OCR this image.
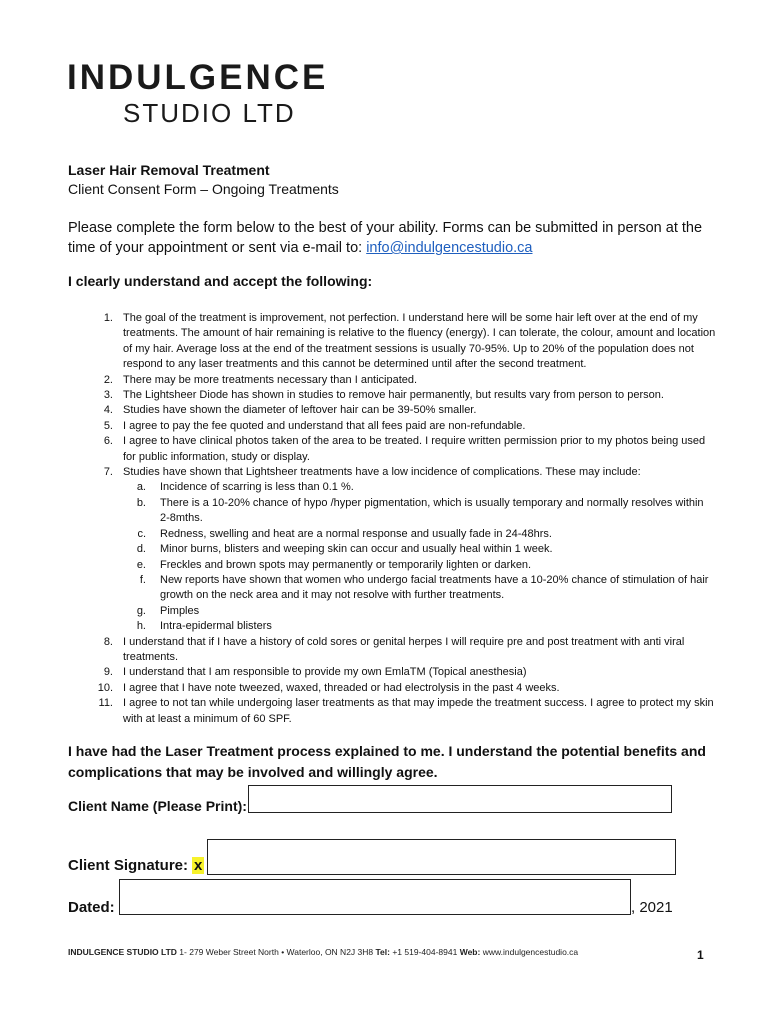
INDULGENCE
STUDIO LTD
Laser Hair Removal Treatment
Client Consent Form – Ongoing Treatments
Please complete the form below to the best of your ability. Forms can be submitted in person at the time of your appointment or sent via e-mail to: info@indulgencestudio.ca
I clearly understand and accept the following:
1. The goal of the treatment is improvement, not perfection. I understand here will be some hair left over at the end of my treatments. The amount of hair remaining is relative to the fluency (energy). I can tolerate, the colour, amount and location of my hair. Average loss at the end of the treatment sessions is usually 70-95%. Up to 20% of the population does not respond to any laser treatments and this cannot be determined until after the second treatment.
2. There may be more treatments necessary than I anticipated.
3. The Lightsheer Diode has shown in studies to remove hair permanently, but results vary from person to person.
4. Studies have shown the diameter of leftover hair can be 39-50% smaller.
5. I agree to pay the fee quoted and understand that all fees paid are non-refundable.
6. I agree to have clinical photos taken of the area to be treated. I require written permission prior to my photos being used for public information, study or display.
7. Studies have shown that Lightsheer treatments have a low incidence of complications. These may include:
a. Incidence of scarring is less than 0.1 %.
b. There is a 10-20% chance of hypo /hyper pigmentation, which is usually temporary and normally resolves within 2-8mths.
c. Redness, swelling and heat are a normal response and usually fade in 24-48hrs.
d. Minor burns, blisters and weeping skin can occur and usually heal within 1 week.
e. Freckles and brown spots may permanently or temporarily lighten or darken.
f. New reports have shown that women who undergo facial treatments have a 10-20% chance of stimulation of hair growth on the neck area and it may not resolve with further treatments.
g. Pimples
h. Intra-epidermal blisters
8. I understand that if I have a history of cold sores or genital herpes I will require pre and post treatment with anti viral treatments.
9. I understand that I am responsible to provide my own EmlaTM (Topical anesthesia)
10. I agree that I have note tweezed, waxed, threaded or had electrolysis in the past 4 weeks.
11. I agree to not tan while undergoing laser treatments as that may impede the treatment success. I agree to protect my skin with at least a minimum of 60 SPF.
I have had the Laser Treatment process explained to me. I understand the potential benefits and complications that may be involved and willingly agree.
Client Name (Please Print):
Client Signature: x
Dated:	, 2021
INDULGENCE STUDIO LTD 1- 279 Weber Street North • Waterloo, ON N2J 3H8 Tel: +1 519-404-8941 Web: www.indulgencestudio.ca	1
